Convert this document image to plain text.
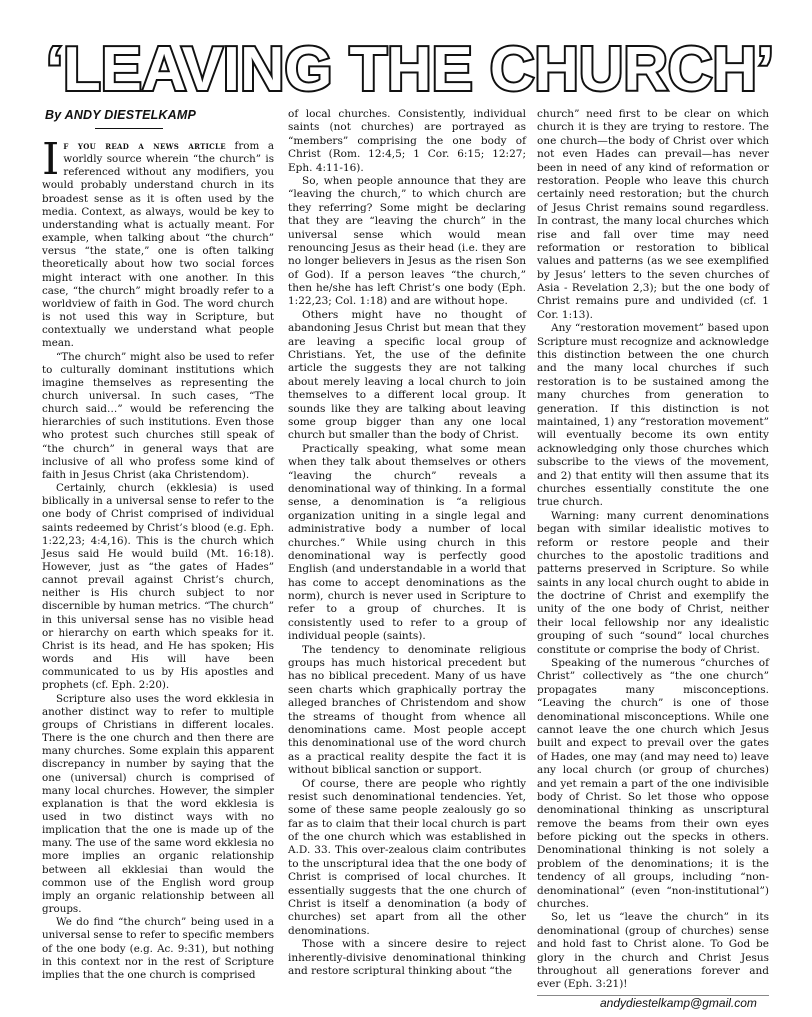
‘LEAVING THE CHURCH’
By ANDY DIESTELKAMP

If you read a news article from a worldly source wherein “the church” is referenced without any modifiers, you would probably understand church in its broadest sense as it is often used by the media. Context, as always, would be key to understanding what is actually meant. For example, when talking about “the church” versus “the state,” one is often talking theoretically about how two social forces might interact with one another. In this case, “the church” might broadly refer to a worldview of faith in God. The word church is not used this way in Scripture, but contextually we understand what people mean.

“The church” might also be used to refer to culturally dominant institutions which imagine themselves as representing the church universal. In such cases, “The church said…” would be referencing the hierarchies of such institutions. Even those who protest such churches still speak of “the church” in general ways that are inclusive of all who profess some kind of faith in Jesus Christ (aka Christendom).

Certainly, church (ekklesia) is used biblically in a universal sense to refer to the one body of Christ comprised of individual saints redeemed by Christ’s blood (e.g. Eph. 1:22,23; 4:4,16). This is the church which Jesus said He would build (Mt. 16:18). However, just as “the gates of Hades” cannot prevail against Christ’s church, neither is His church subject to nor discernible by human metrics. “The church” in this universal sense has no visible head or hierarchy on earth which speaks for it. Christ is its head, and He has spoken; His words and His will have been communicated to us by His apostles and prophets (cf. Eph. 2:20).

Scripture also uses the word ekklesia in another distinct way to refer to multiple groups of Christians in different locales. There is the one church and then there are many churches. Some explain this apparent discrepancy in number by saying that the one (universal) church is comprised of many local churches. However, the simpler explanation is that the word ekklesia is used in two distinct ways with no implication that the one is made up of the many. The use of the same word ekklesia no more implies an organic relationship between all ekklesiai than would the common use of the English word group imply an organic relationship between all groups.

We do find “the church” being used in a universal sense to refer to specific members of the one body (e.g. Ac. 9:31), but nothing in this context nor in the rest of Scripture implies that the one church is comprised

of local churches. Consistently, individual saints (not churches) are portrayed as “members” comprising the one body of Christ (Rom. 12:4,5; 1 Cor. 6:15; 12:27; Eph. 4:11-16).

So, when people announce that they are “leaving the church,” to which church are they referring? Some might be declaring that they are “leaving the church” in the universal sense which would mean renouncing Jesus as their head (i.e. they are no longer believers in Jesus as the risen Son of God). If a person leaves “the church,” then he/she has left Christ’s one body (Eph. 1:22,23; Col. 1:18) and are without hope.

Others might have no thought of abandoning Jesus Christ but mean that they are leaving a specific local group of Christians. Yet, the use of the definite article the suggests they are not talking about merely leaving a local church to join themselves to a different local group. It sounds like they are talking about leaving some group bigger than any one local church but smaller than the body of Christ.

Practically speaking, what some mean when they talk about themselves or others “leaving the church” reveals a denominational way of thinking. In a formal sense, a denomination is “a religious organization uniting in a single legal and administrative body a number of local churches.” While using church in this denominational way is perfectly good English (and understandable in a world that has come to accept denominations as the norm), church is never used in Scripture to refer to a group of churches. It is consistently used to refer to a group of individual people (saints).

The tendency to denominate religious groups has much historical precedent but has no biblical precedent. Many of us have seen charts which graphically portray the alleged branches of Christendom and show the streams of thought from whence all denominations came. Most people accept this denominational use of the word church as a practical reality despite the fact it is without biblical sanction or support.

Of course, there are people who rightly resist such denominational tendencies. Yet, some of these same people zealously go so far as to claim that their local church is part of the one church which was established in A.D. 33. This over-zealous claim contributes to the unscriptural idea that the one body of Christ is comprised of local churches. It essentially suggests that the one church of Christ is itself a denomination (a body of churches) set apart from all the other denominations.

Those with a sincere desire to reject inherently-divisive denominational thinking and restore scriptural thinking about “the

church” need first to be clear on which church it is they are trying to restore. The one church—the body of Christ over which not even Hades can prevail—has never been in need of any kind of reformation or restoration. People who leave this church certainly need restoration; but the church of Jesus Christ remains sound regardless. In contrast, the many local churches which rise and fall over time may need reformation or restoration to biblical values and patterns (as we see exemplified by Jesus’ letters to the seven churches of Asia - Revelation 2,3); but the one body of Christ remains pure and undivided (cf. 1 Cor. 1:13).

Any “restoration movement” based upon Scripture must recognize and acknowledge this distinction between the one church and the many local churches if such restoration is to be sustained among the many churches from generation to generation. If this distinction is not maintained, 1) any “restoration movement” will eventually become its own entity acknowledging only those churches which subscribe to the views of the movement, and 2) that entity will then assume that its churches essentially constitute the one true church.

Warning: many current denominations began with similar idealistic motives to reform or restore people and their churches to the apostolic traditions and patterns preserved in Scripture. So while saints in any local church ought to abide in the doctrine of Christ and exemplify the unity of the one body of Christ, neither their local fellowship nor any idealistic grouping of such “sound” local churches constitute or comprise the body of Christ.

Speaking of the numerous “churches of Christ” collectively as “the one church” propagates many misconceptions. “Leaving the church” is one of those denominational misconceptions. While one cannot leave the one church which Jesus built and expect to prevail over the gates of Hades, one may (and may need to) leave any local church (or group of churches) and yet remain a part of the one indivisible body of Christ. So let those who oppose denominational thinking as unscriptural remove the beams from their own eyes before picking out the specks in others. Denominational thinking is not solely a problem of the denominations; it is the tendency of all groups, including “non-denominational” (even “non-institutional”) churches.

So, let us “leave the church” in its denominational (group of churches) sense and hold fast to Christ alone. To God be glory in the church and Christ Jesus throughout all generations forever and ever (Eph. 3:21)!

andydiestelkamp@gmail.com
